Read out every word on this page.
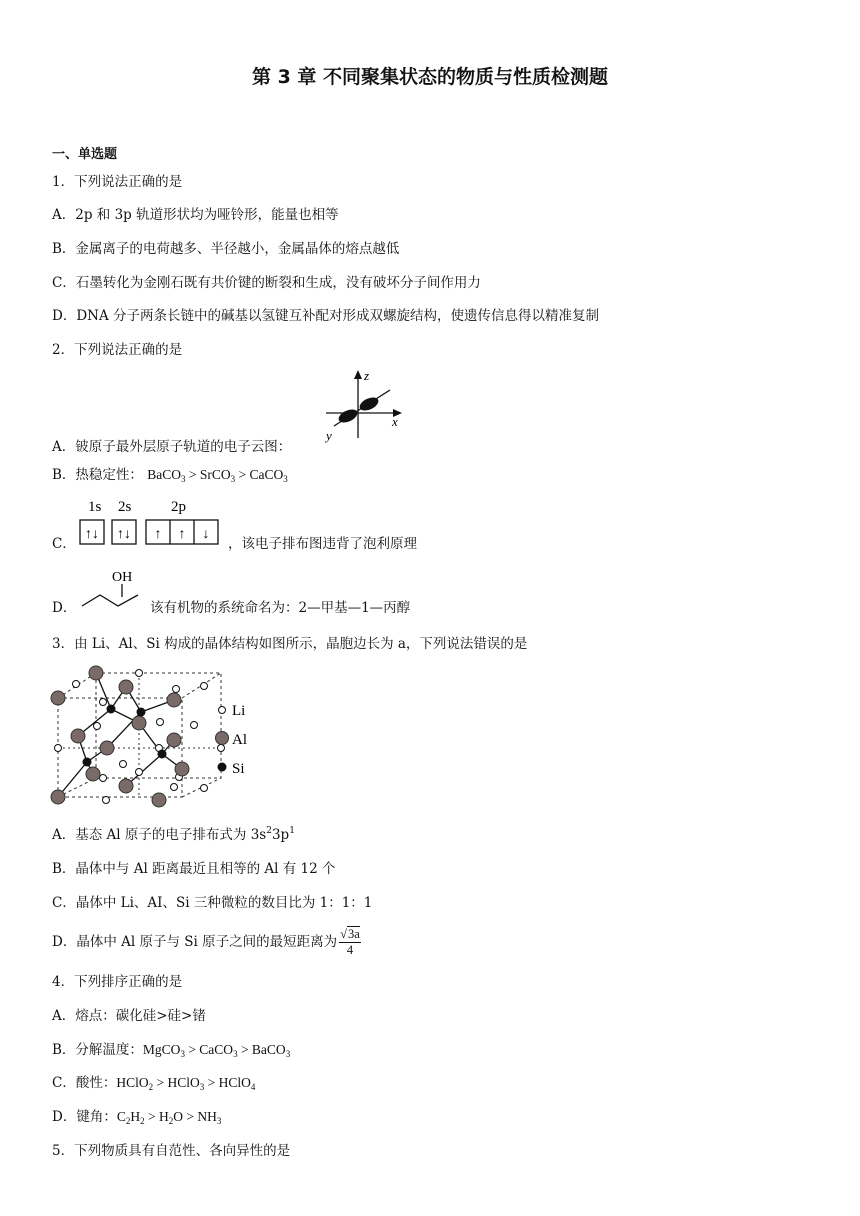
第 3 章 不同聚集状态的物质与性质检测题
一、单选题
1．下列说法正确的是
A．2p 和 3p 轨道形状均为哑铃形，能量也相等
B．金属离子的电荷越多、半径越小，金属晶体的熔点越低
C．石墨转化为金刚石既有共价键的断裂和生成，没有破坏分子间作用力
D．DNA 分子两条长链中的碱基以氢键互补配对形成双螺旋结构，使遗传信息得以精准复制
2．下列说法正确的是
z
x
y
A．铍原子最外层原子轨道的电子云图：
B．热稳定性： BaCO$_3$ > SrCO$_3$ > CaCO$_3$
C．
1s 2s	2p
↑↓ ↑↓ ↑ ↑ ↓
，该电子排布图违背了泡利原理
D．
OH
该有机物的系统命名为：2—甲基—1—丙醇
3．由 Li、Al、Si 构成的晶体结构如图所示，晶胞边长为 a，下列说法错误的是
Li
Al
Si
A．基态 Al 原子的电子排布式为 $3s^23p^1$
B．晶体中与 Al 距离最近且相等的 Al 有 12 个
C．晶体中 Li、AI、Si 三种微粒的数目比为 1：1：1
D．晶体中 Al 原子与 Si 原子之间的最短距离为 $\frac{√3a}{4}$
4．下列排序正确的是
A．熔点：碳化硅>硅>锗
B．分解温度：MgCO$_3$ > CaCO$_3$ > BaCO$_3$
C．酸性：HClO$_2$ > HClO$_3$ > HClO$_4$
D．键角：$C_2H_2 > H_2O > NH_3$
5．下列物质具有自范性、各向异性的是
